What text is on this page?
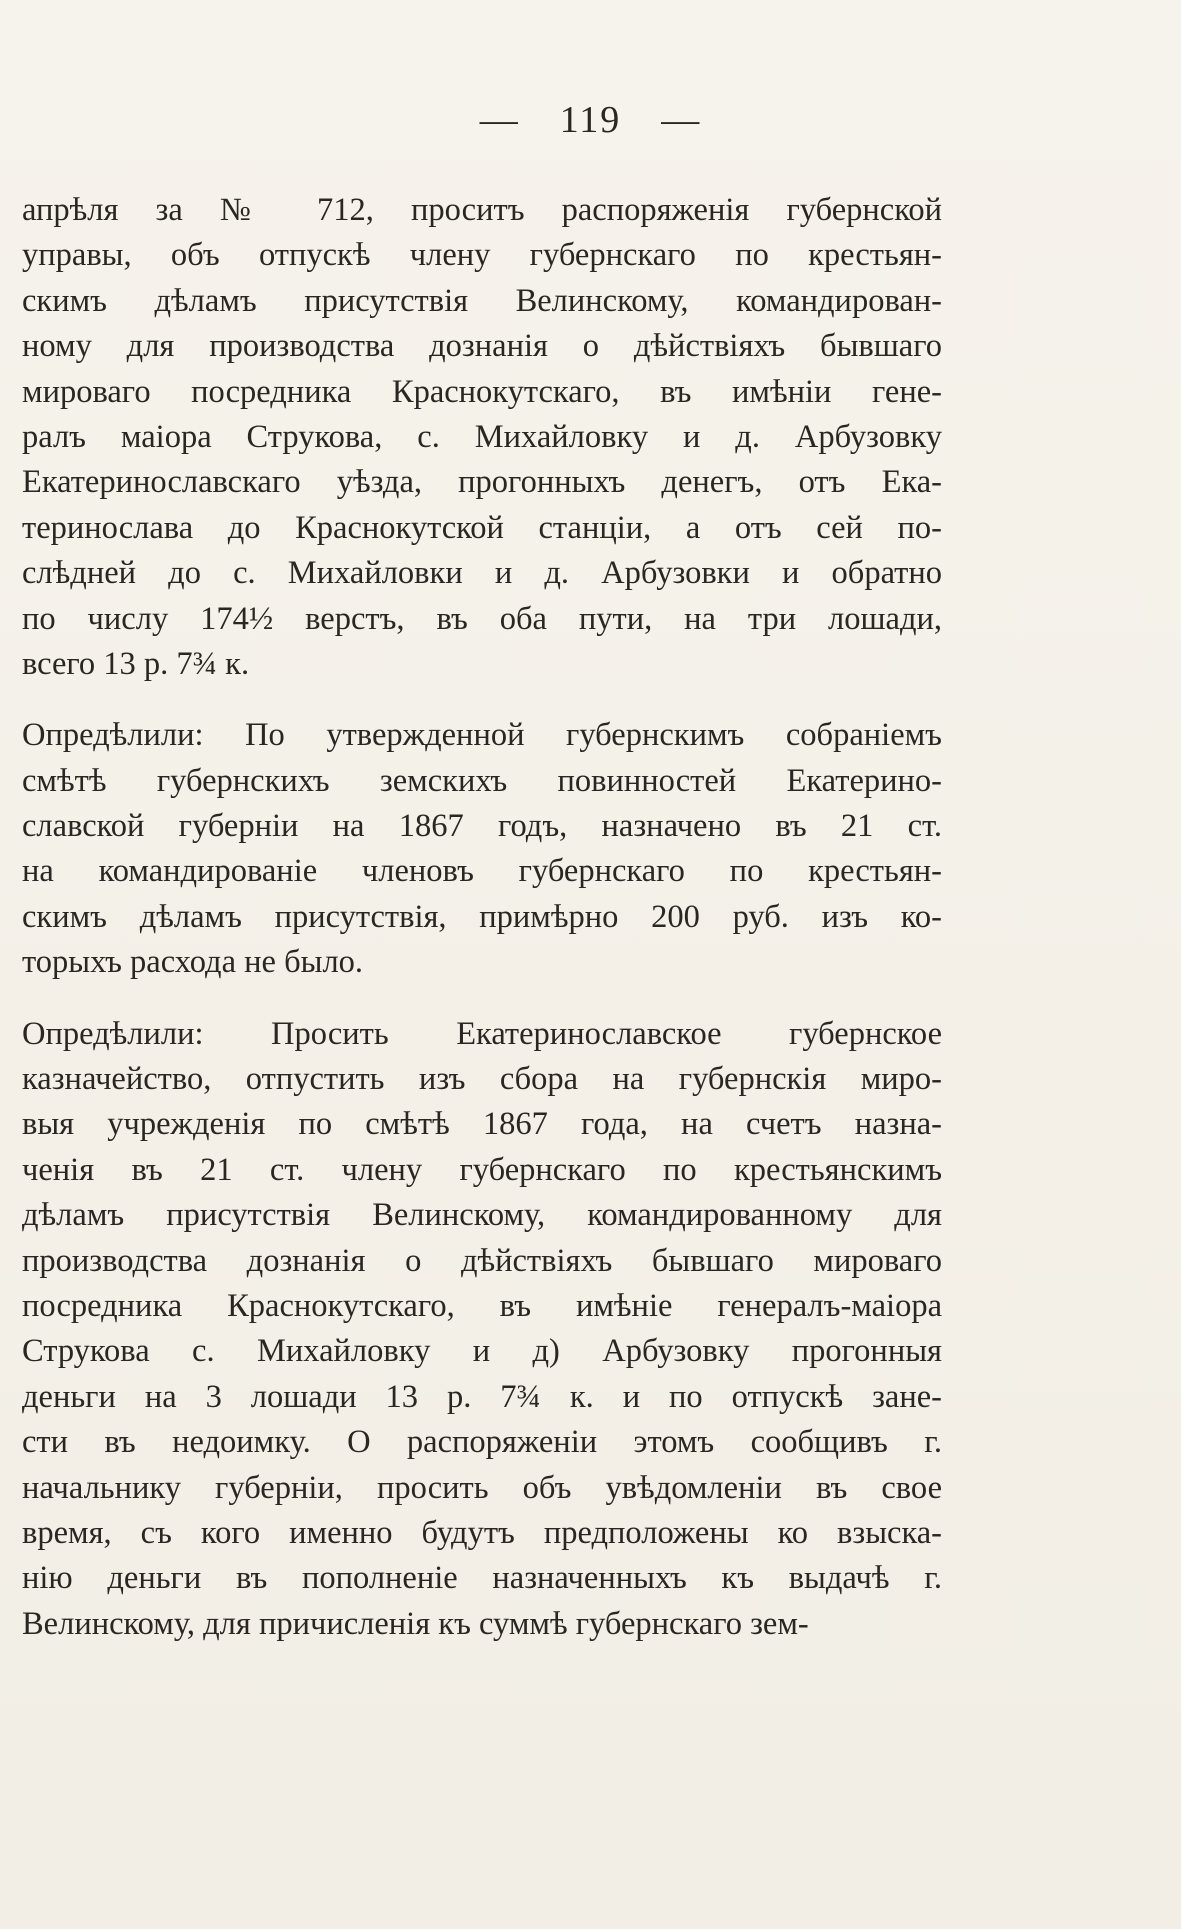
— 119 —

апрѣля за № 712, проситъ распоряженія губернской

управы, объ отпускѣ члену губернскаго по крестьян-

скимъ дѣламъ присутствія Велинскому, командирован-

ному для производства дознанія о дѣйствіяхъ бывшаго

мироваго посредника Краснокутскаго, въ имѣніи гене-

ралъ маіора Струкова, с. Михайловку и д. Арбузовку

Екатеринославскаго уѣзда, прогонныхъ денегъ, отъ Ека-

теринослава до Краснокутской станціи, а отъ сей по-

слѣдней до с. Михайловки и д. Арбузовки и обратно

по числу 174½ верстъ, въ оба пути, на три лошади,

всего 13 р. 7¾ к.

Опредѣлили: По утвержденной губернскимъ собраніемъ

смѣтѣ губернскихъ земскихъ повинностей Екатерино-

славской губерніи на 1867 годъ, назначено въ 21 ст.

на командированіе членовъ губернскаго по крестьян-

скимъ дѣламъ присутствія, примѣрно 200 руб. изъ ко-

торыхъ расхода не было.

Опредѣлили: Просить Екатеринославское губернское

казначейство, отпустить изъ сбора на губернскія миро-

выя учрежденія по смѣтѣ 1867 года, на счетъ назна-

ченія въ 21 ст. члену губернскаго по крестьянскимъ

дѣламъ присутствія Велинскому, командированному для

производства дознанія о дѣйствіяхъ бывшаго мироваго

посредника Краснокутскаго, въ имѣніе генералъ-маіора

Струкова с. Михайловку и д) Арбузовку прогонныя

деньги на 3 лошади 13 р. 7¾ к. и по отпускѣ зане-

сти въ недоимку. О распоряженіи этомъ сообщивъ г.

начальнику губерніи, просить объ увѣдомленіи въ свое

время, съ кого именно будутъ предположены ко взыска-

нію деньги въ пополненіе назначенныхъ къ выдачѣ г.

Велинскому, для причисленія къ суммѣ губернскаго зем-
